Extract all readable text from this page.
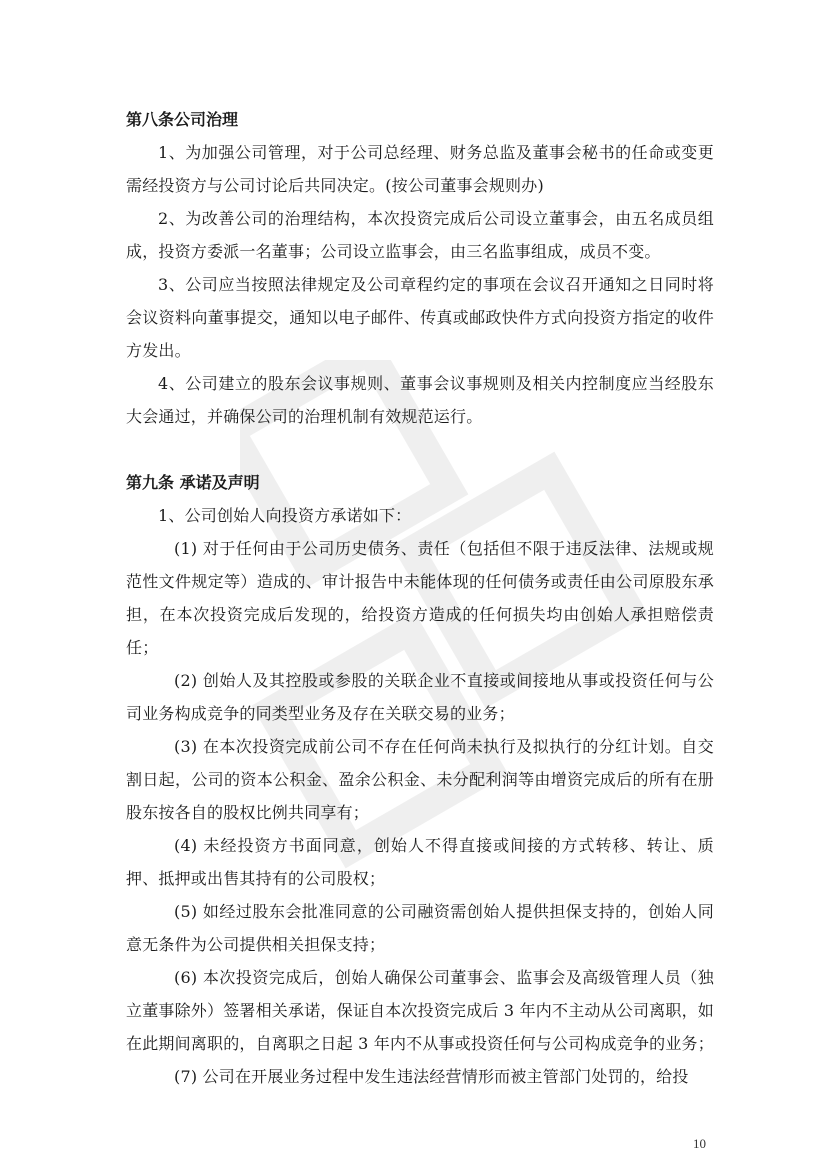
第八条公司治理

1、为加强公司管理，对于公司总经理、财务总监及董事会秘书的任命或变更需经投资方与公司讨论后共同决定。(按公司董事会规则办)

2、为改善公司的治理结构，本次投资完成后公司设立董事会，由五名成员组成，投资方委派一名董事；公司设立监事会，由三名监事组成，成员不变。

3、公司应当按照法律规定及公司章程约定的事项在会议召开通知之日同时将会议资料向董事提交，通知以电子邮件、传真或邮政快件方式向投资方指定的收件方发出。

4、公司建立的股东会议事规则、董事会议事规则及相关内控制度应当经股东大会通过，并确保公司的治理机制有效规范运行。

第九条 承诺及声明

1、公司创始人向投资方承诺如下：

(1) 对于任何由于公司历史债务、责任（包括但不限于违反法律、法规或规范性文件规定等）造成的、审计报告中未能体现的任何债务或责任由公司原股东承担，在本次投资完成后发现的，给投资方造成的任何损失均由创始人承担赔偿责任；

(2) 创始人及其控股或参股的关联企业不直接或间接地从事或投资任何与公司业务构成竞争的同类型业务及存在关联交易的业务；

(3) 在本次投资完成前公司不存在任何尚未执行及拟执行的分红计划。自交割日起，公司的资本公积金、盈余公积金、未分配利润等由增资完成后的所有在册股东按各自的股权比例共同享有；

(4) 未经投资方书面同意，创始人不得直接或间接的方式转移、转让、质押、抵押或出售其持有的公司股权；

(5) 如经过股东会批准同意的公司融资需创始人提供担保支持的，创始人同意无条件为公司提供相关担保支持；

(6) 本次投资完成后，创始人确保公司董事会、监事会及高级管理人员（独立董事除外）签署相关承诺，保证自本次投资完成后 3 年内不主动从公司离职，如在此期间离职的，自离职之日起 3 年内不从事或投资任何与公司构成竞争的业务；

(7) 公司在开展业务过程中发生违法经营情形而被主管部门处罚的，给投

10
